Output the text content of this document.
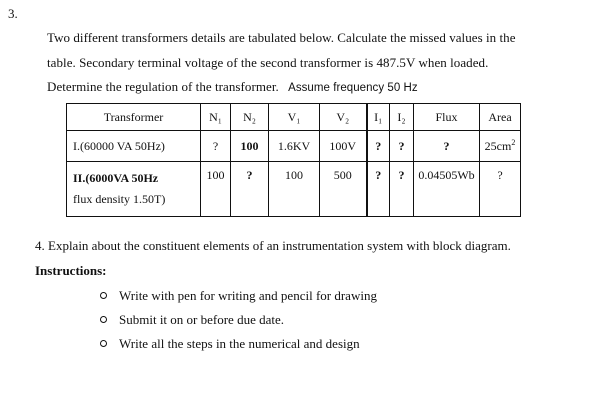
3.
Two different transformers details are tabulated below. Calculate the missed values in the
table. Secondary terminal voltage of the second transformer is 487.5V when loaded.
Determine the regulation of the transformer. Assume frequency 50 Hz
Transformer	N₁	N₂	V₁	V₂	I₁	I₂	Flux	Area
I.(60000 VA 50Hz)	?	100	1.6KV	100V	?	?	?	$25cm^2$
II.(6000VA 50Hz
flux density 1.50T)	100	?	100	500	?	?	0.04505Wb	?
4. Explain about the constituent elements of an instrumentation system with block diagram.
Instructions:
Write with pen for writing and pencil for drawing
Submit it on or before due date.
Write all the steps in the numerical and design
